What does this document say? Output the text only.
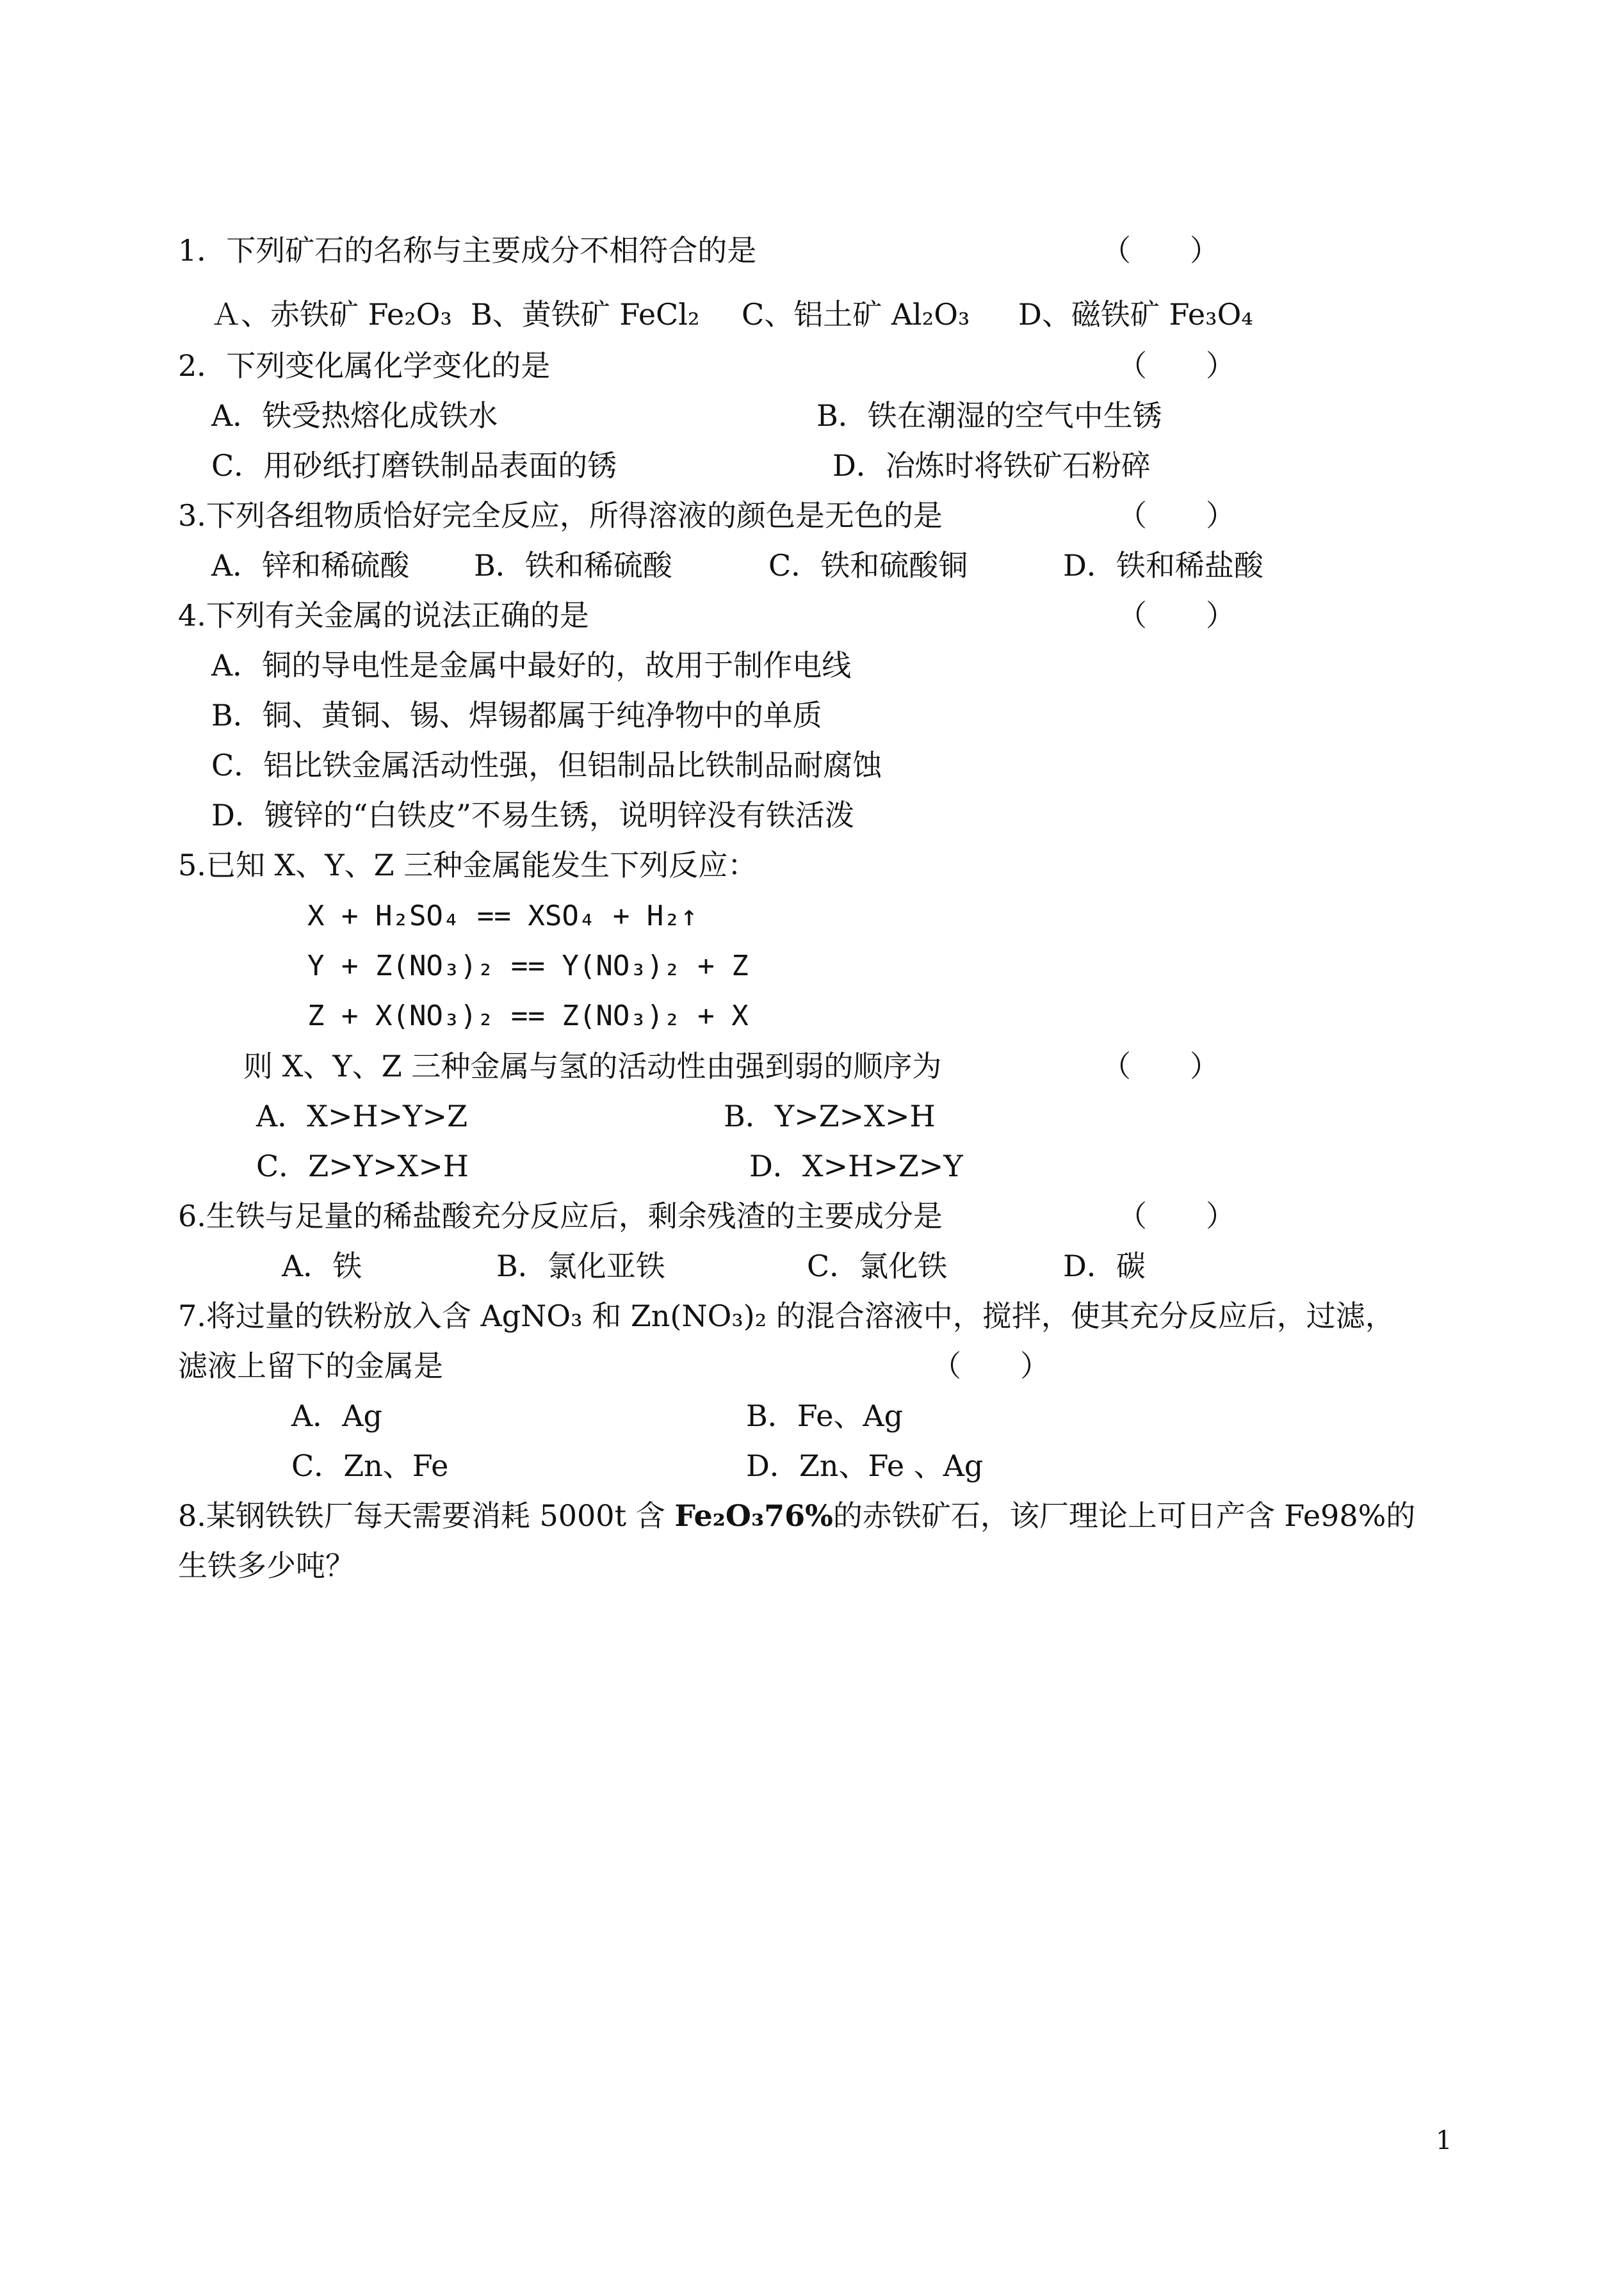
1．下列矿石的名称与主要成分不相符合的是	（　　）
Ａ、赤铁矿 Fe₂O₃ B、黄铁矿 FeCl₂ C、铝土矿 Al₂O₃ D、磁铁矿 Fe₃O₄
2．下列变化属化学变化的是	（　　）
A．铁受热熔化成铁水	B．铁在潮湿的空气中生锈
C．用砂纸打磨铁制品表面的锈	D．冶炼时将铁矿石粉碎
3.下列各组物质恰好完全反应，所得溶液的颜色是无色的是	（　　）
A．锌和稀硫酸 B．铁和稀硫酸	C．铁和硫酸铜	D．铁和稀盐酸
4.下列有关金属的说法正确的是	（　　）
A．铜的导电性是金属中最好的，故用于制作电线
B．铜、黄铜、锡、焊锡都属于纯净物中的单质
C．铝比铁金属活动性强，但铝制品比铁制品耐腐蚀
D．镀锌的“白铁皮”不易生锈，说明锌没有铁活泼
5.已知 X、Y、Z 三种金属能发生下列反应：
X + H₂SO₄ == XSO₄ + H₂↑
Y + Z(NO₃)₂ == Y(NO₃)₂ + Z
Z + X(NO₃)₂ == Z(NO₃)₂ + X
则 X、Y、Z 三种金属与氢的活动性由强到弱的顺序为	（　　）
A．X>H>Y>Z	B．Y>Z>X>H
C．Z>Y>X>H	D．X>H>Z>Y
6.生铁与足量的稀盐酸充分反应后，剩余残渣的主要成分是	（　　）
A．铁	B．氯化亚铁	C．氯化铁	D．碳
7.将过量的铁粉放入含 AgNO₃ 和 Zn(NO₃)₂ 的混合溶液中，搅拌，使其充分反应后，过滤，
滤液上留下的金属是	（　　）
A．Ag	B．Fe、Ag
C．Zn、Fe	D．Zn、Fe 、Ag
8.某钢铁铁厂每天需要消耗 5000t 含 Fe₂O₃76%的赤铁矿石，该厂理论上可日产含 Fe98%的
生铁多少吨？
1
